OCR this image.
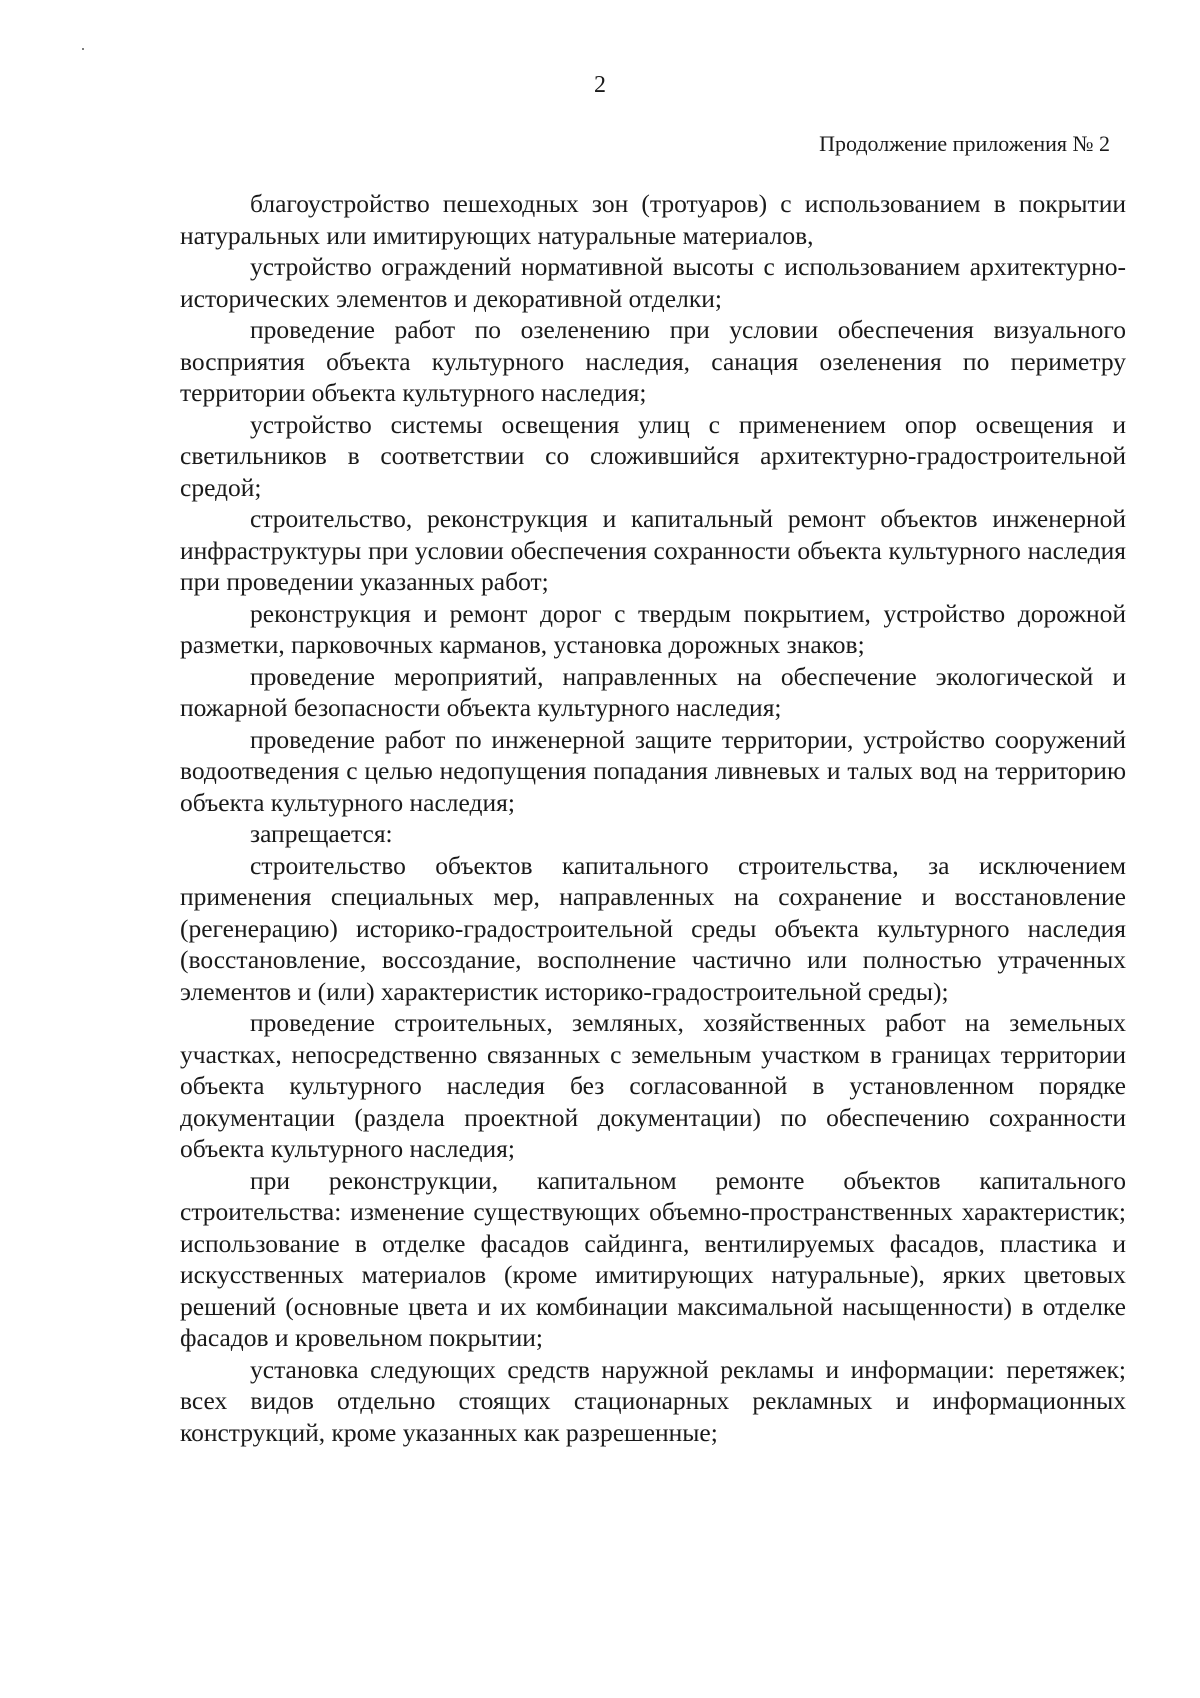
2
Продолжение приложения № 2

благоустройство пешеходных зон (тротуаров) с использованием в покрытии натуральных или имитирующих натуральные материалов,

устройство ограждений нормативной высоты с использованием архитектурно-исторических элементов и декоративной отделки;

проведение работ по озеленению при условии обеспечения визуального восприятия объекта культурного наследия, санация озеленения по периметру территории объекта культурного наследия;

устройство системы освещения улиц с применением опор освещения и светильников в соответствии со сложившийся архитектурно-градостроительной средой;

строительство, реконструкция и капитальный ремонт объектов инженерной инфраструктуры при условии обеспечения сохранности объекта культурного наследия при проведении указанных работ;

реконструкция и ремонт дорог с твердым покрытием, устройство дорожной разметки, парковочных карманов, установка дорожных знаков;

проведение мероприятий, направленных на обеспечение экологической и пожарной безопасности объекта культурного наследия;

проведение работ по инженерной защите территории, устройство сооружений водоотведения с целью недопущения попадания ливневых и талых вод на территорию объекта культурного наследия;

запрещается:

строительство объектов капитального строительства, за исключением применения специальных мер, направленных на сохранение и восстановление (регенерацию) историко-градостроительной среды объекта культурного наследия (восстановление, воссоздание, восполнение частично или полностью утраченных элементов и (или) характеристик историко-градостроительной среды);

проведение строительных, земляных, хозяйственных работ на земельных участках, непосредственно связанных с земельным участком в границах территории объекта культурного наследия без согласованной в установленном порядке документации (раздела проектной документации) по обеспечению сохранности объекта культурного наследия;

при реконструкции, капитальном ремонте объектов капитального строительства: изменение существующих объемно-пространственных характеристик; использование в отделке фасадов сайдинга, вентилируемых фасадов, пластика и искусственных материалов (кроме имитирующих натуральные), ярких цветовых решений (основные цвета и их комбинации максимальной насыщенности) в отделке фасадов и кровельном покрытии;

установка следующих средств наружной рекламы и информации: перетяжек; всех видов отдельно стоящих стационарных рекламных и информационных конструкций, кроме указанных как разрешенные;
